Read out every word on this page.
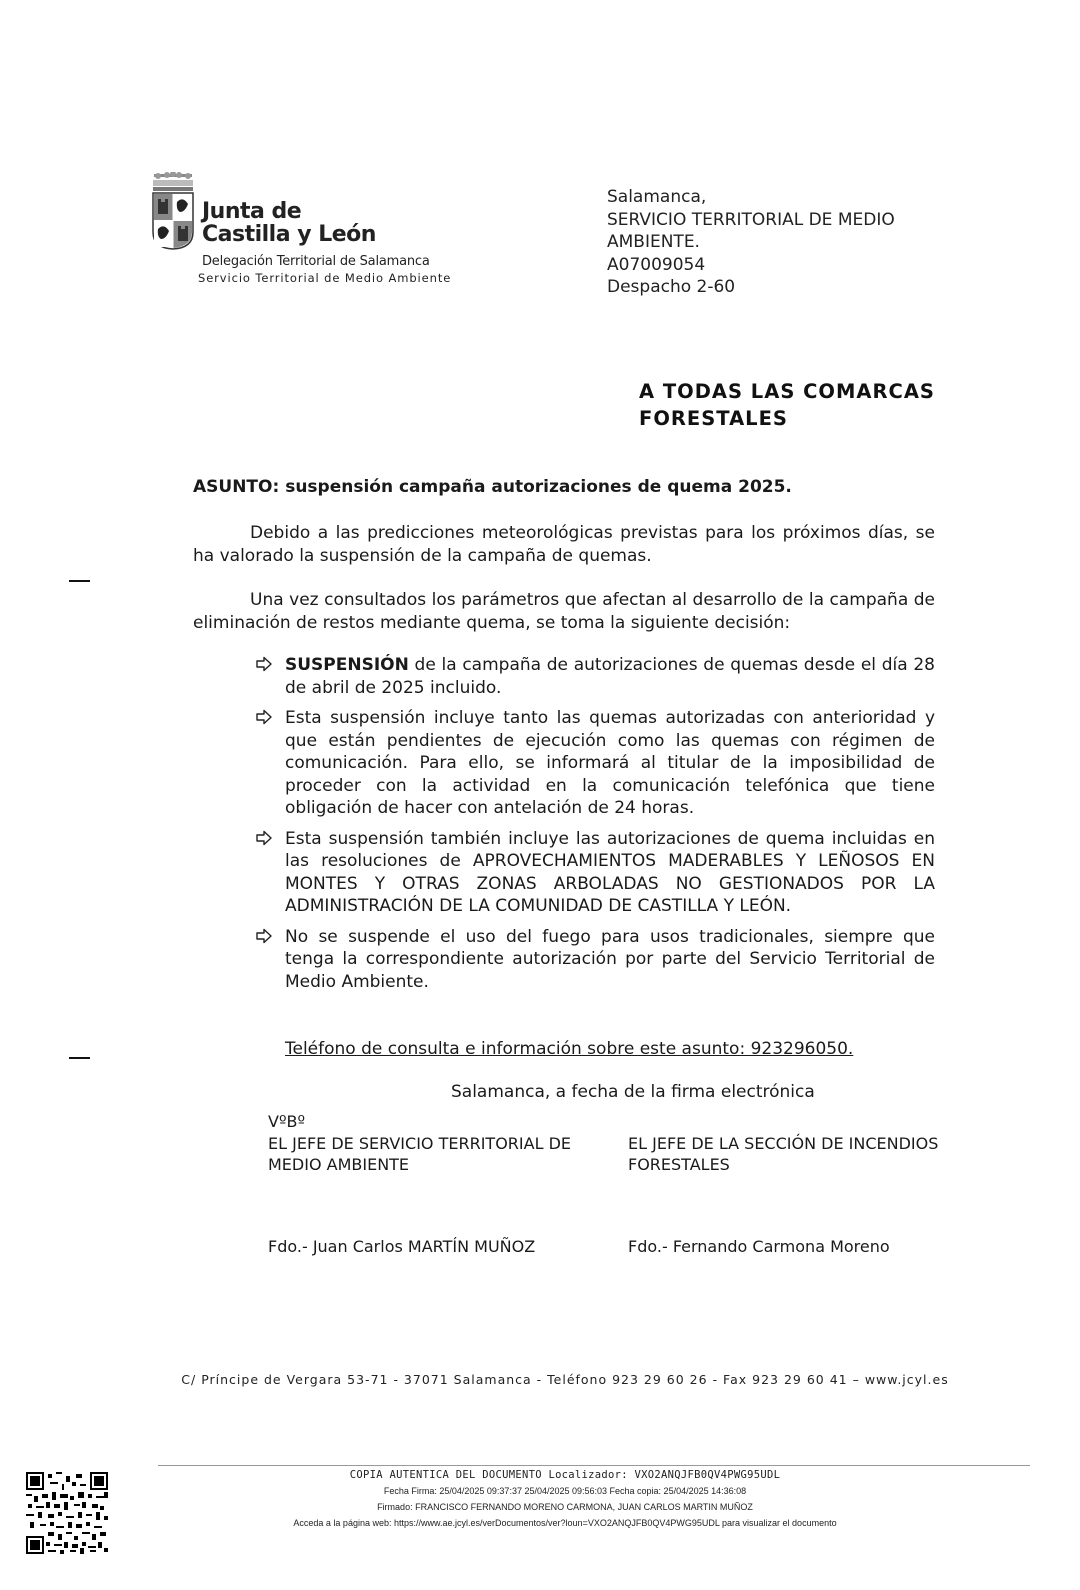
Junta de
Castilla y León
Delegación Territorial de Salamanca
Servicio Territorial de Medio Ambiente
Salamanca,
SERVICIO TERRITORIAL DE MEDIO
AMBIENTE.
A07009054
Despacho 2-60
A TODAS LAS COMARCAS
FORESTALES
ASUNTO: suspensión campaña autorizaciones de quema 2025.
Debido a las predicciones meteorológicas previstas para los próximos días, se ha valorado la suspensión de la campaña de quemas.
Una vez consultados los parámetros que afectan al desarrollo de la campaña de eliminación de restos mediante quema, se toma la siguiente decisión:
SUSPENSIÓN de la campaña de autorizaciones de quemas desde el día 28 de abril de 2025 incluido.
Esta suspensión incluye tanto las quemas autorizadas con anterioridad y que están pendientes de ejecución como las quemas con régimen de comunicación. Para ello, se informará al titular de la imposibilidad de proceder con la actividad en la comunicación telefónica que tiene obligación de hacer con antelación de 24 horas.
Esta suspensión también incluye las autorizaciones de quema incluidas en las resoluciones de APROVECHAMIENTOS MADERABLES Y LEÑOSOS EN MONTES Y OTRAS ZONAS ARBOLADAS NO GESTIONADOS POR LA ADMINISTRACIÓN DE LA COMUNIDAD DE CASTILLA Y LEÓN.
No se suspende el uso del fuego para usos tradicionales, siempre que tenga la correspondiente autorización por parte del Servicio Territorial de Medio Ambiente.
Teléfono de consulta e información sobre este asunto: 923296050.
Salamanca, a fecha de la firma electrónica
VºBº
EL JEFE DE SERVICIO TERRITORIAL DE
MEDIO AMBIENTE
EL JEFE DE LA SECCIÓN DE INCENDIOS
FORESTALES
Fdo.- Juan Carlos MARTÍN MUÑOZ	Fdo.- Fernando Carmona Moreno
C/ Príncipe de Vergara 53-71 - 37071 Salamanca - Teléfono 923 29 60 26 - Fax 923 29 60 41 – www.jcyl.es
COPIA AUTENTICA DEL DOCUMENTO Localizador: VXO2ANQJFB0QV4PWG95UDL
Fecha Firma: 25/04/2025 09:37:37 25/04/2025 09:56:03 Fecha copia: 25/04/2025 14:36:08
Firmado: FRANCISCO FERNANDO MORENO CARMONA, JUAN CARLOS MARTIN MUÑOZ
Acceda a la página web: https://www.ae.jcyl.es/verDocumentos/ver?loun=VXO2ANQJFB0QV4PWG95UDL para visualizar el documento
